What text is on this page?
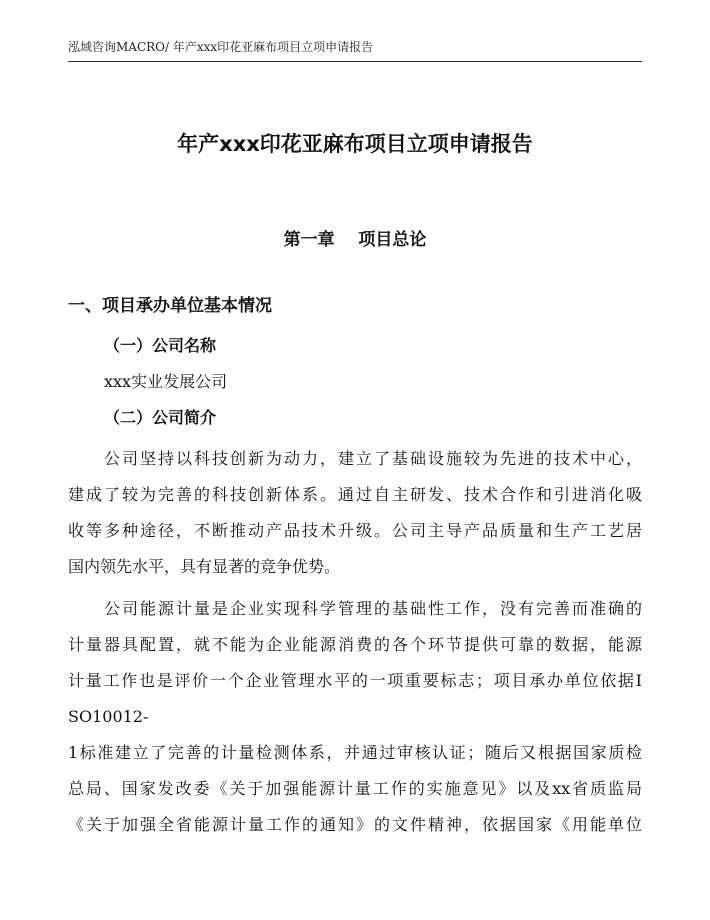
泓域咨询MACRO/ 年产xxx印花亚麻布项目立项申请报告
年产xxx印花亚麻布项目立项申请报告
第一章    项目总论
一、项目承办单位基本情况
（一）公司名称
xxx实业发展公司
（二）公司简介
公司坚持以科技创新为动力，建立了基础设施较为先进的技术中心，
建成了较为完善的科技创新体系。通过自主研发、技术合作和引进消化吸
收等多种途径，不断推动产品技术升级。公司主导产品质量和生产工艺居
国内领先水平，具有显著的竞争优势。
公司能源计量是企业实现科学管理的基础性工作，没有完善而准确的
计量器具配置，就不能为企业能源消费的各个环节提供可靠的数据，能源
计量工作也是评价一个企业管理水平的一项重要标志；项目承办单位依据I
SO10012-
1标准建立了完善的计量检测体系，并通过审核认证；随后又根据国家质检
总局、国家发改委《关于加强能源计量工作的实施意见》以及xx省质监局
《关于加强全省能源计量工作的通知》的文件精神，依据国家《用能单位
